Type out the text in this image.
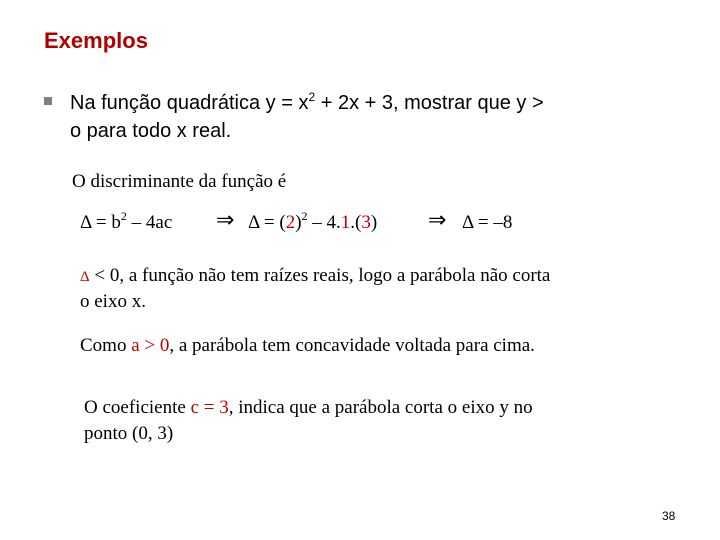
Exemplos
Na função quadrática $y = x^2 + 2x + 3$, mostrar que y >
o para todo x real.
O discriminante da função é
$\Delta = b^2 - 4ac$ ⇒ $\Delta = (2)^2 - 4.1.(3)$ ⇒ Δ = –8
Δ < 0, a função não tem raízes reais, logo a parábola não corta
o eixo x.
Como a > 0, a parábola tem concavidade voltada para cima.
O coeficiente c = 3, indica que a parábola corta o eixo y no
ponto (0, 3)
38
